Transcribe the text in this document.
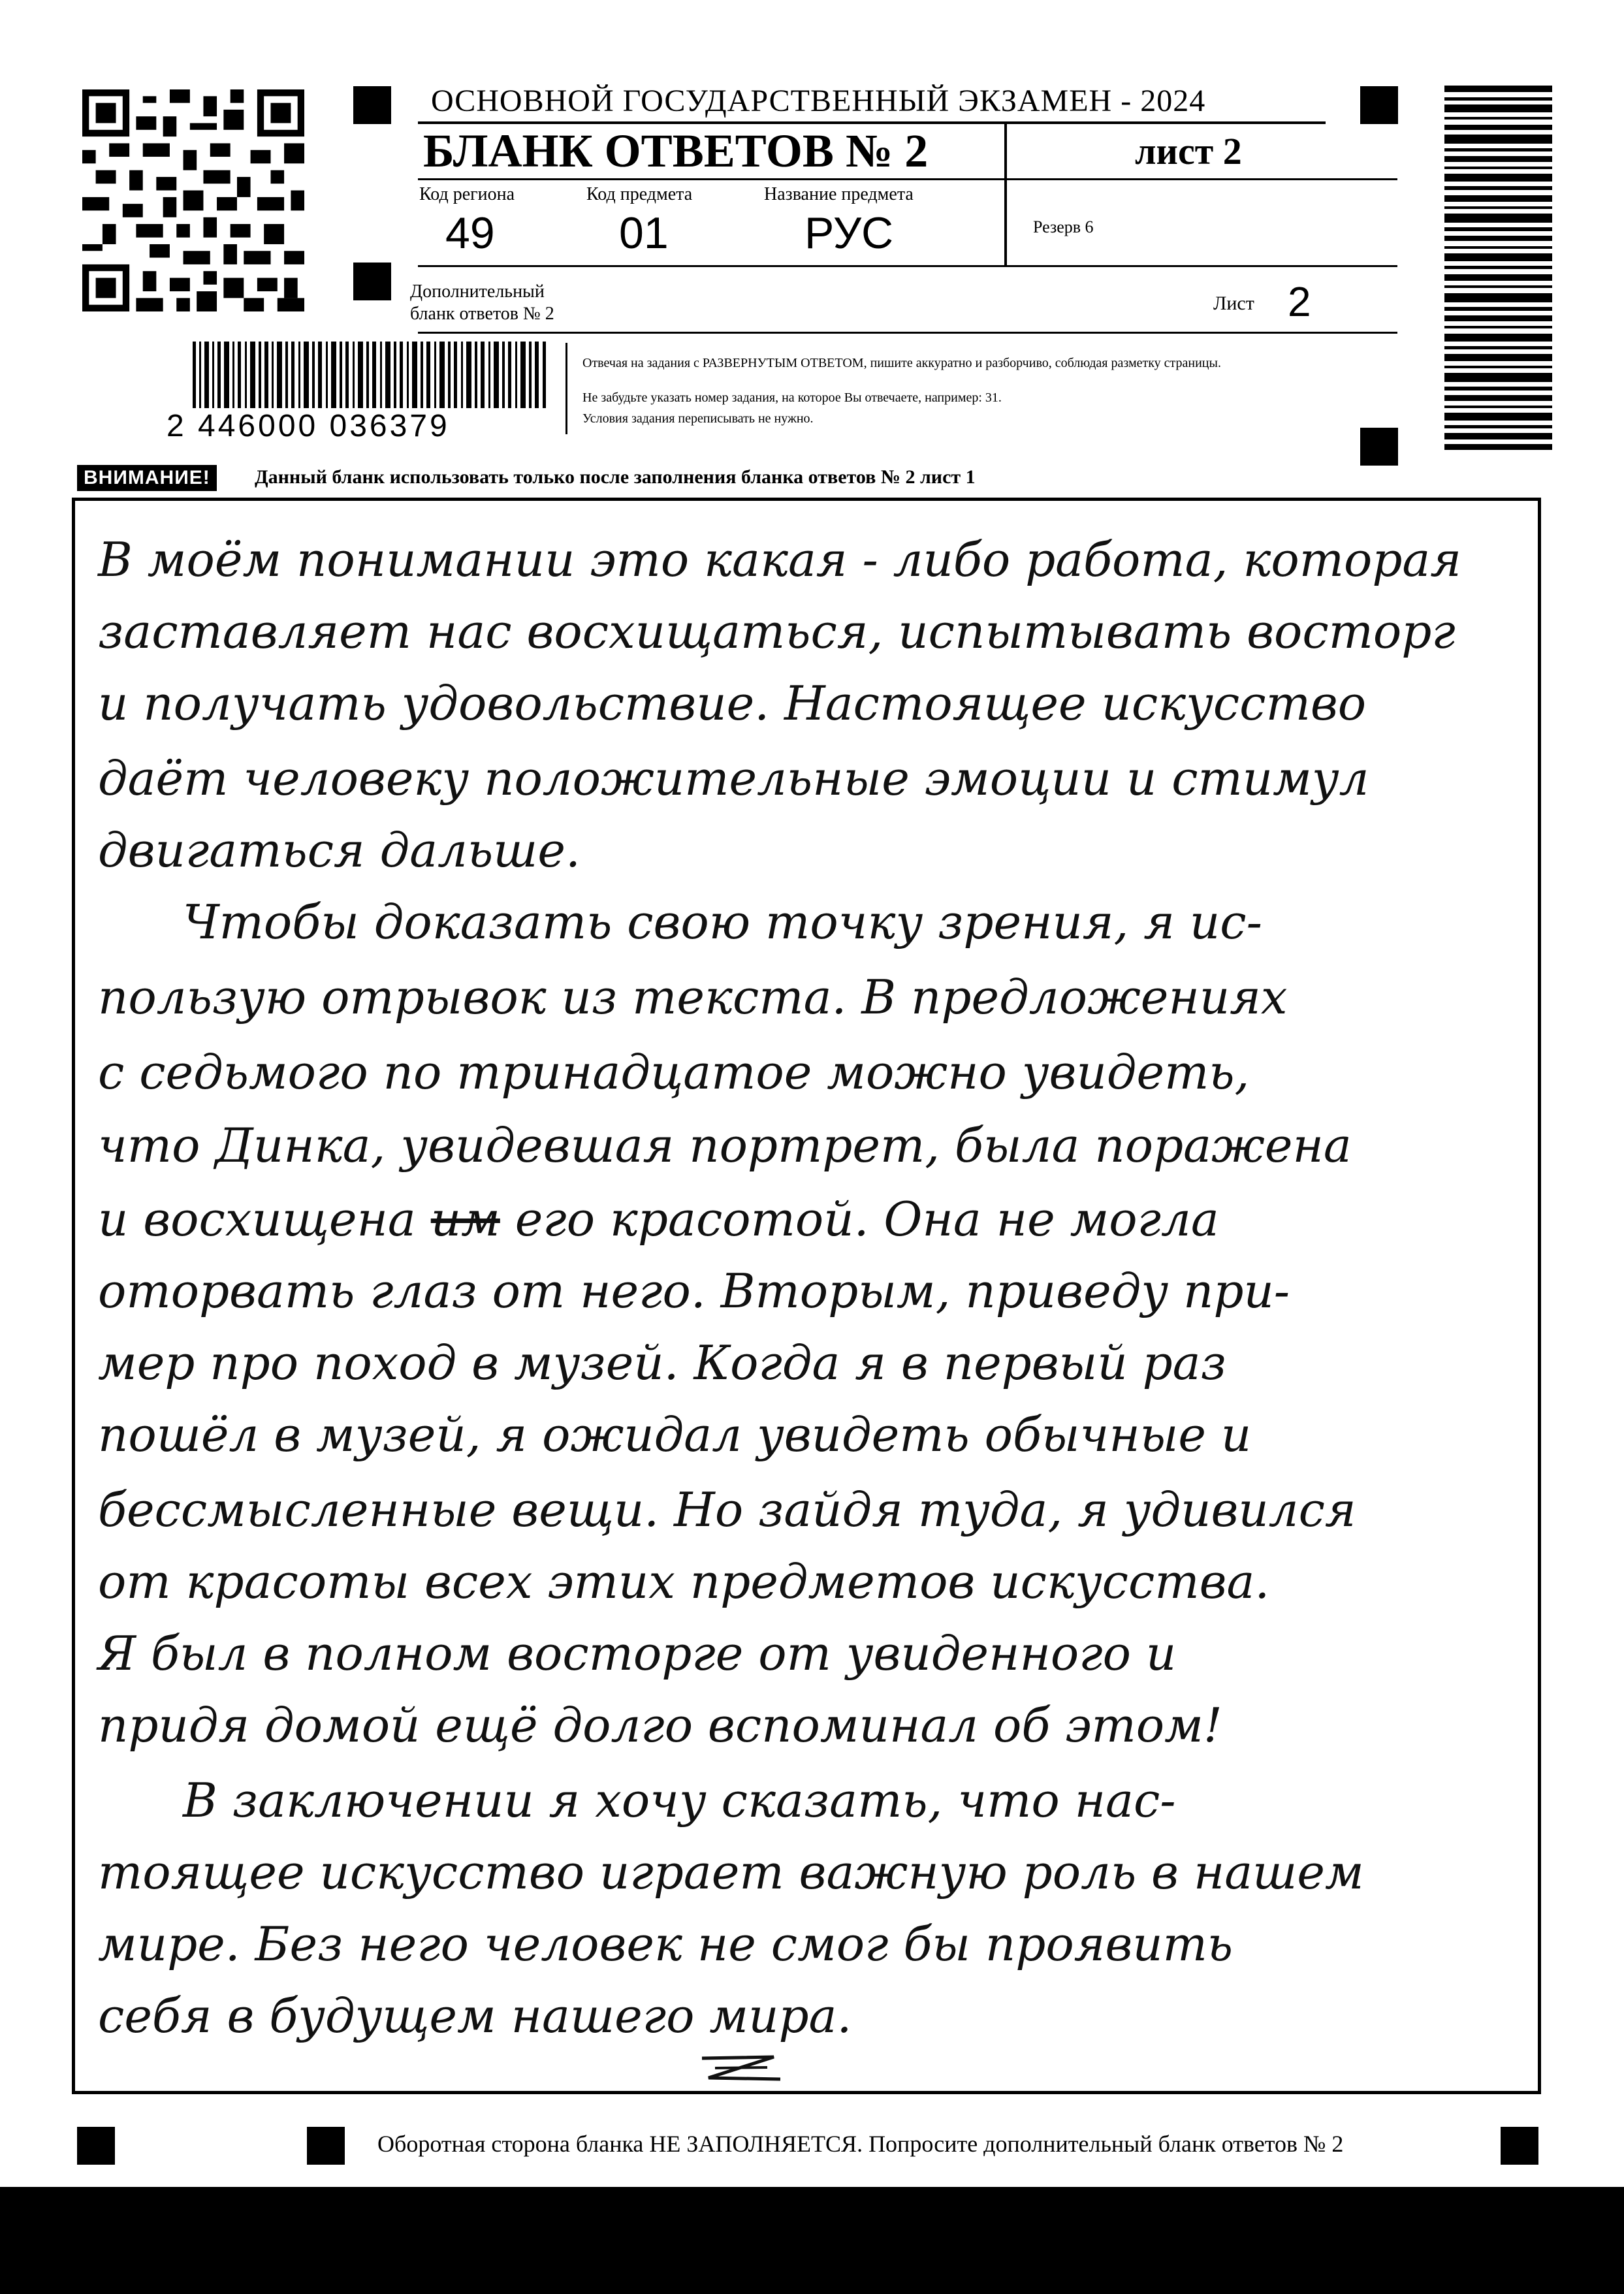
2 446000 036379
ОСНОВНОЙ ГОСУДАРСТВЕННЫЙ ЭКЗАМЕН - 2024
БЛАНК ОТВЕТОВ № 2	лист 2
Код региона	Код предмета	Название предмета
49	01	РУС	Резерв 6
Дополнительный
бланк ответов № 2	Лист 2
Отвечая на задания с РАЗВЕРНУТЫМ ОТВЕТОМ, пишите аккуратно и разборчиво, соблюдая разметку страницы.
Не забудьте указать номер задания, на которое Вы отвечаете, например: 31.
Условия задания переписывать не нужно.
ВНИМАНИЕ!	Данный бланк использовать только после заполнения бланка ответов № 2 лист 1
В моём понимании это какая - либо работа, которая
заставляет нас восхищаться, испытывать восторг
и получать удовольствие. Настоящее искусство
даёт человеку положительные эмоции и стимул
двигаться дальше.
Чтобы доказать свою точку зрения, я ис-
пользую отрывок из текста. В предложениях
с седьмого по тринадцатое можно увидеть,
что Динка, увидевшая портрет, была поражена
и восхищена им его красотой. Она не могла
оторвать глаз от него. Вторым, приведу при-
мер про поход в музей. Когда я в первый раз
пошёл в музей, я ожидал увидеть обычные и
бессмысленные вещи. Но зайдя туда, я удивился
от красоты всех этих предметов искусства.
Я был в полном восторге от увиденного и
придя домой ещё долго вспоминал об этом!
В заключении я хочу сказать, что нас-
тоящее искусство играет важную роль в нашем
мире. Без него человек не смог бы проявить
себя в будущем нашего мира.
Оборотная сторона бланка НЕ ЗАПОЛНЯЕТСЯ. Попросите дополнительный бланк ответов № 2
